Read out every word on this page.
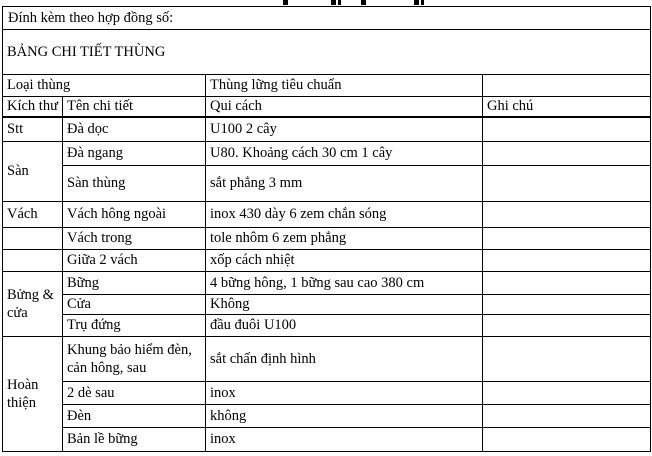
Đính kèm theo hợp đồng số:			
BẢNG CHI TIẾT THÙNG			
Loại thùng		Thùng lững tiêu chuẩn	
Kích thư	Tên chi tiết	Qui cách	Ghi chú
Stt	Đà dọc	U100 2 cây	
Sàn	Đà ngang	U80. Khoảng cách 30 cm 1 cây	
	Sàn thùng	sắt phẳng 3 mm	
Vách	Vách hông ngoài	inox 430 dày 6 zem chắn sóng	
	Vách trong	tole nhôm 6 zem phẳng	
	Giữa 2 vách	xốp cách nhiệt	
Bửng & cửa	Bững	4 bững hông, 1 bững sau cao 380 cm	
	Cửa	Không	
	Trụ đứng	đầu đuôi U100	
Hoàn thiện	Khung bảo hiểm đèn, cản hông, sau	sắt chấn định hình	
	2 dè sau	inox	
	Đèn	không	
	Bản lề bững	inox	
